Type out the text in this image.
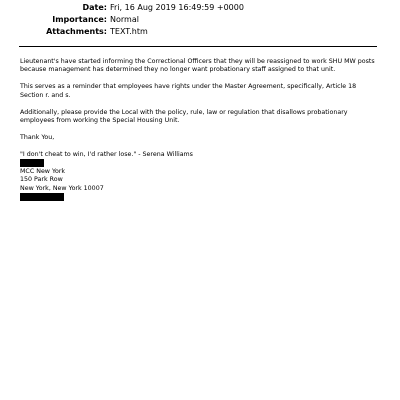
Date: Fri, 16 Aug 2019 16:49:59 +0000
Importance: Normal
Attachments: TEXT.htm

Lieutenant's have started informing the Correctional Officers that they will be reassigned to work SHU MW posts because management has determined they no longer want probationary staff assigned to that unit.

This serves as a reminder that employees have rights under the Master Agreement, specifically, Article 18 Section r. and s.

Additionally, please provide the Local with the policy, rule, law or regulation that disallows probationary employees from working the Special Housing Unit.

Thank You,

"I don't cheat to win, I'd rather lose." - Serena Williams

MCC New York
150 Park Row
New York, New York 10007
